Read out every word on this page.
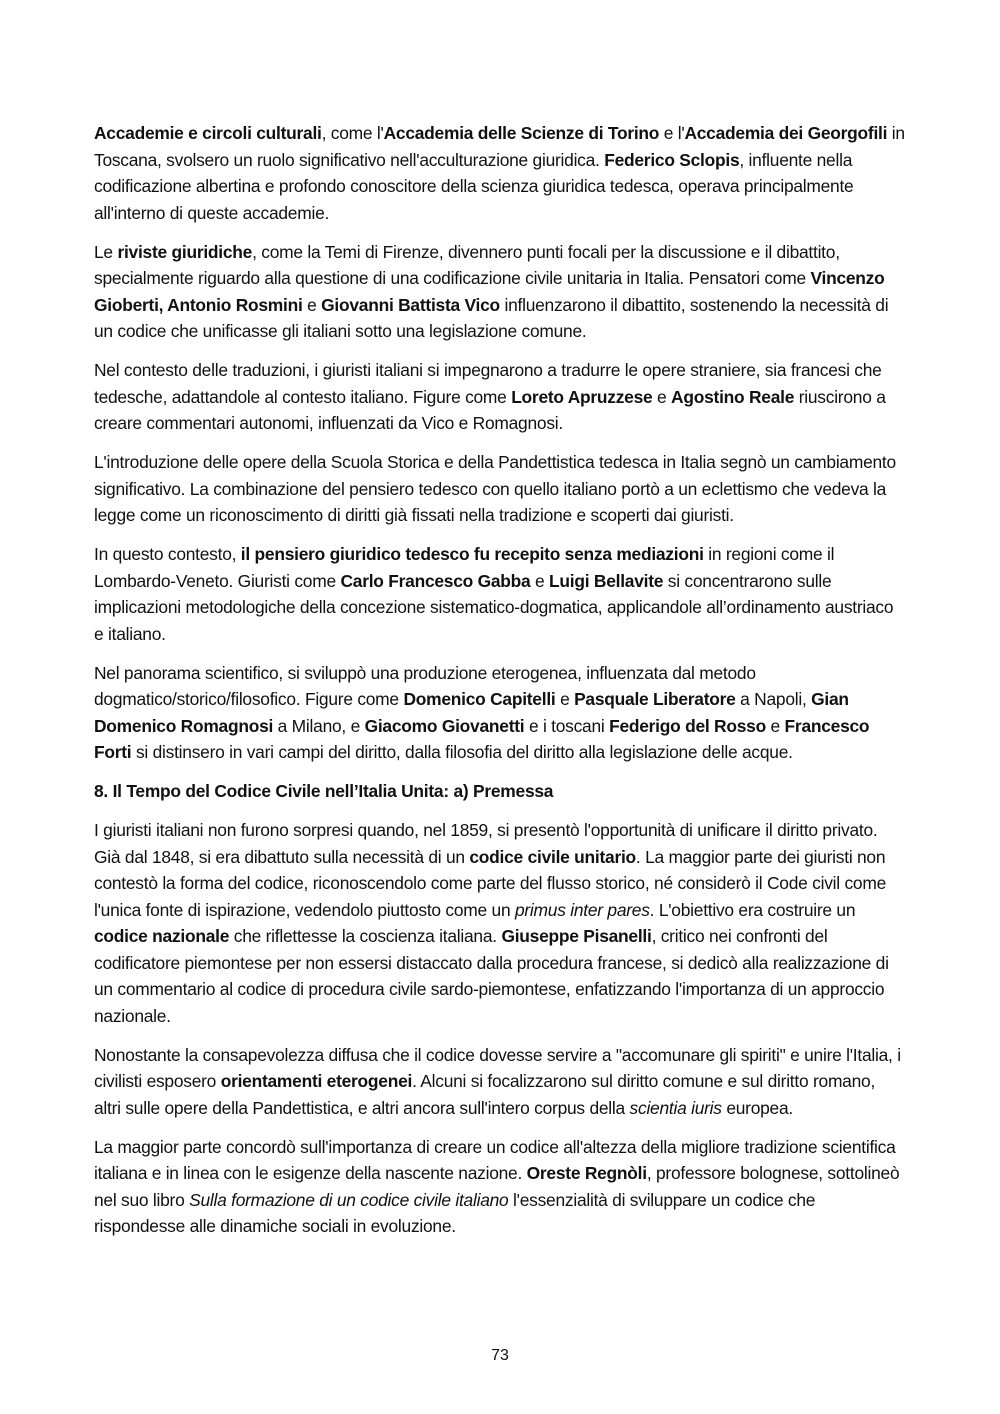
Accademie e circoli culturali, come l'Accademia delle Scienze di Torino e l'Accademia dei Georgofili in Toscana, svolsero un ruolo significativo nell'acculturazione giuridica. Federico Sclopis, influente nella codificazione albertina e profondo conoscitore della scienza giuridica tedesca, operava principalmente all'interno di queste accademie.

Le riviste giuridiche, come la Temi di Firenze, divennero punti focali per la discussione e il dibattito, specialmente riguardo alla questione di una codificazione civile unitaria in Italia. Pensatori come Vincenzo Gioberti, Antonio Rosmini e Giovanni Battista Vico influenzarono il dibattito, sostenendo la necessità di un codice che unificasse gli italiani sotto una legislazione comune.

Nel contesto delle traduzioni, i giuristi italiani si impegnarono a tradurre le opere straniere, sia francesi che tedesche, adattandole al contesto italiano. Figure come Loreto Apruzzese e Agostino Reale riuscirono a creare commentari autonomi, influenzati da Vico e Romagnosi.

L'introduzione delle opere della Scuola Storica e della Pandettistica tedesca in Italia segnò un cambiamento significativo. La combinazione del pensiero tedesco con quello italiano portò a un eclettismo che vedeva la legge come un riconoscimento di diritti già fissati nella tradizione e scoperti dai giuristi.

In questo contesto, il pensiero giuridico tedesco fu recepito senza mediazioni in regioni come il Lombardo-Veneto. Giuristi come Carlo Francesco Gabba e Luigi Bellavite si concentrarono sulle implicazioni metodologiche della concezione sistematico-dogmatica, applicandole all’ordinamento austriaco e italiano.

Nel panorama scientifico, si sviluppò una produzione eterogenea, influenzata dal metodo dogmatico/storico/filosofico. Figure come Domenico Capitelli e Pasquale Liberatore a Napoli, Gian Domenico Romagnosi a Milano, e Giacomo Giovanetti e i toscani Federigo del Rosso e Francesco Forti si distinsero in vari campi del diritto, dalla filosofia del diritto alla legislazione delle acque.

8. Il Tempo del Codice Civile nell’Italia Unita: a) Premessa

I giuristi italiani non furono sorpresi quando, nel 1859, si presentò l'opportunità di unificare il diritto privato. Già dal 1848, si era dibattuto sulla necessità di un codice civile unitario. La maggior parte dei giuristi non contestò la forma del codice, riconoscendolo come parte del flusso storico, né considerò il Code civil come l'unica fonte di ispirazione, vedendolo piuttosto come un primus inter pares. L'obiettivo era costruire un codice nazionale che riflettesse la coscienza italiana. Giuseppe Pisanelli, critico nei confronti del codificatore piemontese per non essersi distaccato dalla procedura francese, si dedicò alla realizzazione di un commentario al codice di procedura civile sardo-piemontese, enfatizzando l'importanza di un approccio nazionale.

Nonostante la consapevolezza diffusa che il codice dovesse servire a "accomunare gli spiriti" e unire l'Italia, i civilisti esposero orientamenti eterogenei. Alcuni si focalizzarono sul diritto comune e sul diritto romano, altri sulle opere della Pandettistica, e altri ancora sull'intero corpus della scientia iuris europea.

La maggior parte concordò sull'importanza di creare un codice all'altezza della migliore tradizione scientifica italiana e in linea con le esigenze della nascente nazione. Oreste Regnòli, professore bolognese, sottolineò nel suo libro Sulla formazione di un codice civile italiano l'essenzialità di sviluppare un codice che rispondesse alle dinamiche sociali in evoluzione.

73
